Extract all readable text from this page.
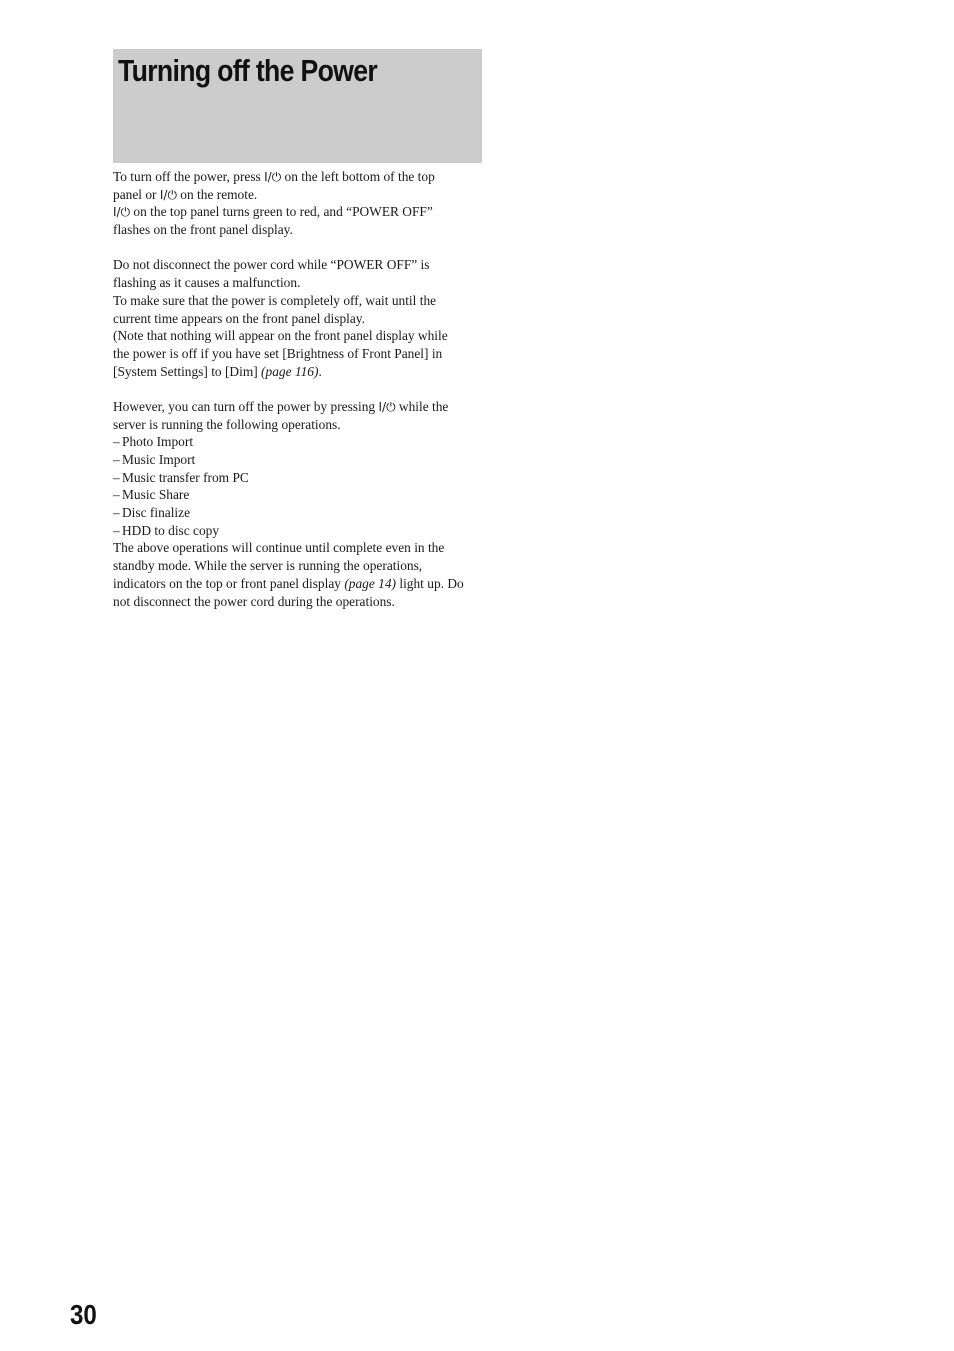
Turning off the Power
To turn off the power, press I/⏻ on the left bottom of the top
panel or I/⏻ on the remote.
I/⏻ on the top panel turns green to red, and “POWER OFF”
flashes on the front panel display.
Do not disconnect the power cord while “POWER OFF” is
flashing as it causes a malfunction.
To make sure that the power is completely off, wait until the
current time appears on the front panel display.
(Note that nothing will appear on the front panel display while
the power is off if you have set [Brightness of Front Panel] in
[System Settings] to [Dim] (page 116).
However, you can turn off the power by pressing I/⏻ while the
server is running the following operations.
– Photo Import
– Music Import
– Music transfer from PC
– Music Share
– Disc finalize
– HDD to disc copy
The above operations will continue until complete even in the
standby mode. While the server is running the operations,
indicators on the top or front panel display (page 14) light up. Do
not disconnect the power cord during the operations.
30
